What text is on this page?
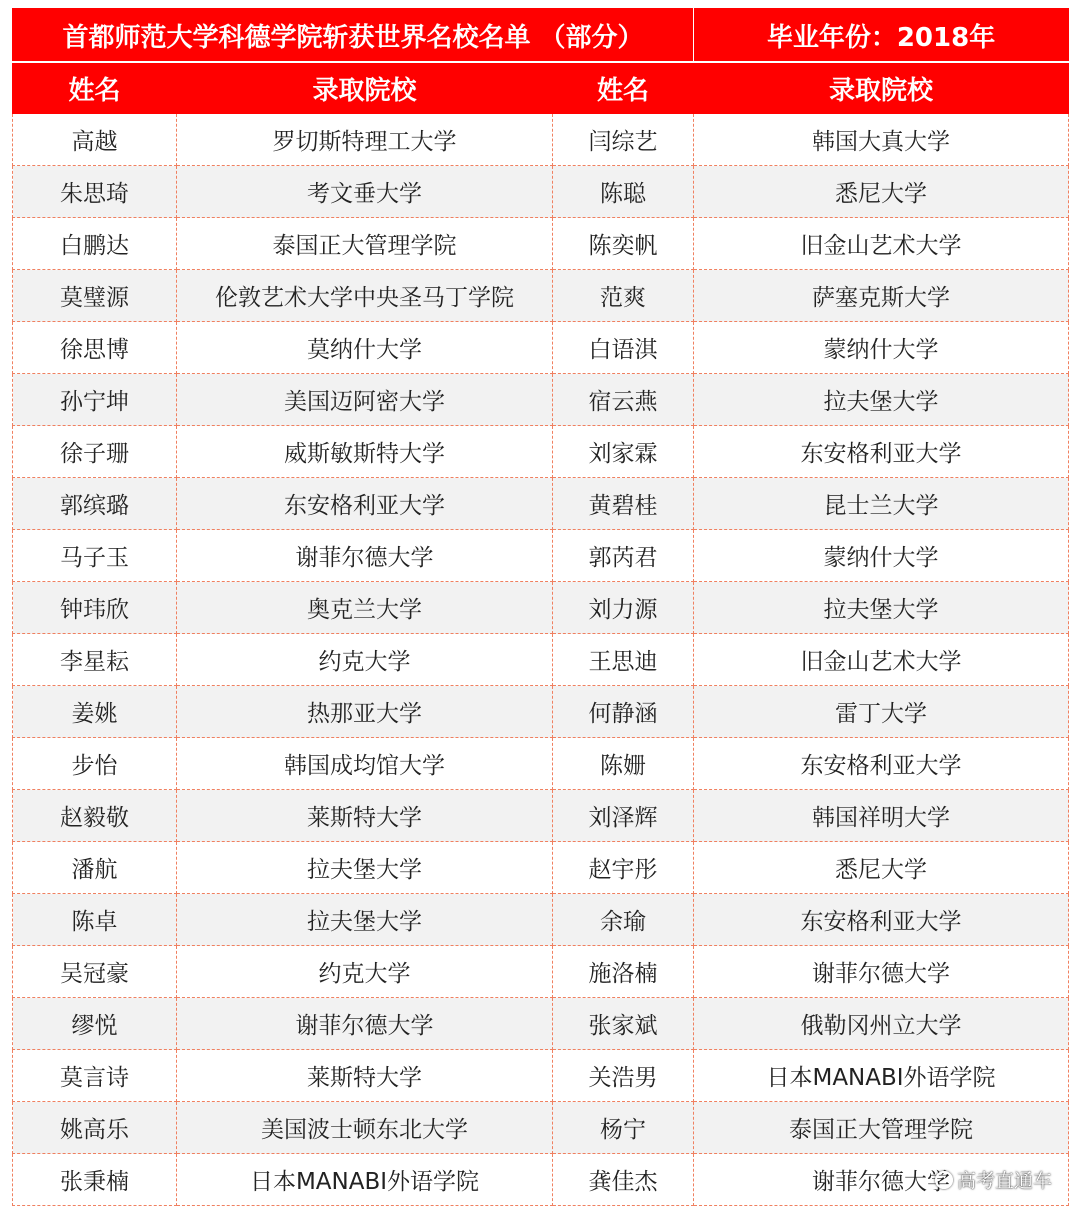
首都师范大学科德学院斩获世界名校名单 （部分）			毕业年份：2018年
姓名	录取院校	姓名	录取院校
高越	罗切斯特理工大学	闫综艺	韩国大真大学
朱思琦	考文垂大学	陈聪	悉尼大学
白鹏达	泰国正大管理学院	陈奕帆	旧金山艺术大学
莫璧源	伦敦艺术大学中央圣马丁学院	范爽	萨塞克斯大学
徐思博	莫纳什大学	白语淇	蒙纳什大学
孙宁坤	美国迈阿密大学	宿云燕	拉夫堡大学
徐子珊	威斯敏斯特大学	刘家霖	东安格利亚大学
郭缤璐	东安格利亚大学	黄碧桂	昆士兰大学
马子玉	谢菲尔德大学	郭芮君	蒙纳什大学
钟玮欣	奥克兰大学	刘力源	拉夫堡大学
李星耘	约克大学	王思迪	旧金山艺术大学
姜姚	热那亚大学	何静涵	雷丁大学
步怡	韩国成均馆大学	陈姗	东安格利亚大学
赵毅敬	莱斯特大学	刘泽辉	韩国祥明大学
潘航	拉夫堡大学	赵宇彤	悉尼大学
陈卓	拉夫堡大学	余瑜	东安格利亚大学
吴冠豪	约克大学	施洛楠	谢菲尔德大学
缪悦	谢菲尔德大学	张家斌	俄勒冈州立大学
莫言诗	莱斯特大学	关浩男	日本MANABI外语学院
姚高乐	美国波士顿东北大学	杨宁	泰国正大管理学院
张秉楠	日本MANABI外语学院	龚佳杰	谢菲尔德大学 高考直通车
